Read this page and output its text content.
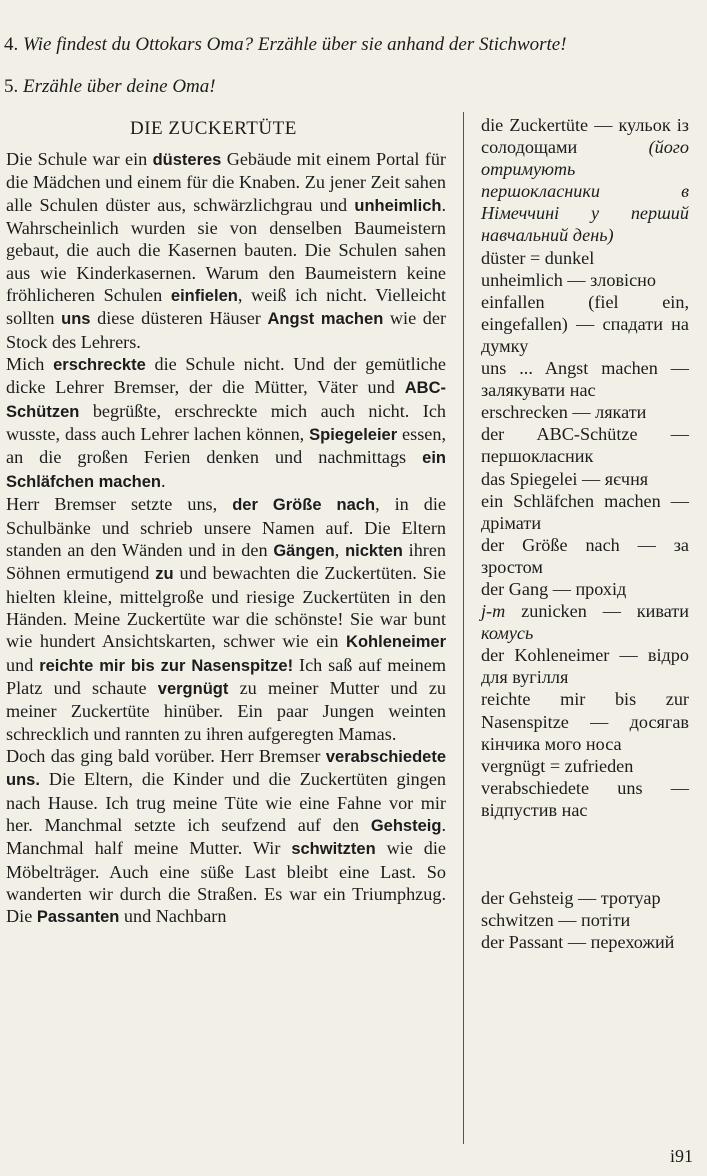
4. Wie findest du Ottokars Oma? Erzähle über sie anhand der Stichworte!
5. Erzähle über deine Oma!
DIE ZUCKERTÜTE

Die Schule war ein düsteres Gebäude mit einem Portal für die Mädchen und einem für die Knaben. Zu jener Zeit sahen alle Schulen düster aus, schwärzlichgrau und unheimlich. Wahrscheinlich wurden sie von denselben Baumeistern gebaut, die auch die Kasernen bauten. Die Schulen sahen aus wie Kinderkasernen. Warum den Baumeistern keine fröhlicheren Schulen einfielen, weiß ich nicht. Vielleicht sollten uns diese düsteren Häuser Angst machen wie der Stock des Lehrers.

Mich erschreckte die Schule nicht. Und der gemütliche dicke Lehrer Bremser, der die Mütter, Väter und ABC-Schützen begrüßte, erschreckte mich auch nicht. Ich wusste, dass auch Lehrer lachen können, Spiegeleier essen, an die großen Ferien denken und nachmittags ein Schläfchen machen.

Herr Bremser setzte uns, der Größe nach, in die Schulbänke und schrieb unsere Namen auf. Die Eltern standen an den Wänden und in den Gängen, nickten ihren Söhnen ermutigend zu und bewachten die Zuckertüten. Sie hielten kleine, mittelgroße und riesige Zuckertüten in den Händen. Meine Zuckertüte war die schönste! Sie war bunt wie hundert Ansichtskarten, schwer wie ein Kohleneimer und reichte mir bis zur Nasenspitze! Ich saß auf meinem Platz und schaute vergnügt zu meiner Mutter und zu meiner Zuckertüte hinüber. Ein paar Jungen weinten schrecklich und rannten zu ihren aufgeregten Mamas.

Doch das ging bald vorüber. Herr Bremser verabschiedete uns. Die Eltern, die Kinder und die Zuckertüten gingen nach Hause. Ich trug meine Tüte wie eine Fahne vor mir her. Manchmal setzte ich seufzend auf den Gehsteig. Manchmal half meine Mutter. Wir schwitzten wie die Möbelträger. Auch eine süße Last bleibt eine Last. So wanderten wir durch die Straßen. Es war ein Triumphzug. Die Passanten und Nachbarn

die Zuckertüte — кульок із солодощами (його отримують першокласники в Німеччині у перший навчальний день)
düster = dunkel
unheimlich — зловісно
einfallen (fiel ein, eingefallen) — спадати на думку
uns ... Angst machen — залякувати нас
erschrecken — лякати
der ABC-Schütze — першокласник
das Spiegelei — яєчня
ein Schläfchen machen — дрімати
der Größe nach — за зростом
der Gang — прохід
j-m zunicken — кивати комусь
der Kohleneimer — відро для вугілля
reichte mir bis zur Nasenspitze — досягав кінчика мого носа
vergnügt = zufrieden
verabschiedete uns — відпустив нас
der Gehsteig — тротуар
schwitzen — потіти
der Passant — перехожий
i91
